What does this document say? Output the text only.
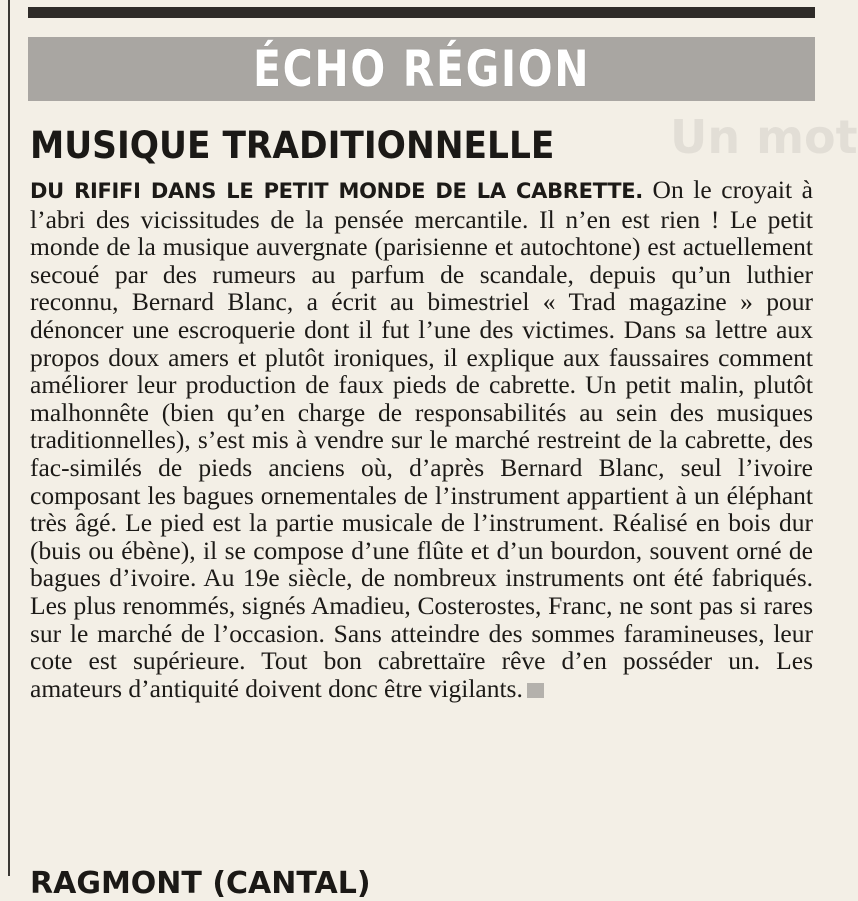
ÉCHO RÉGION
Un mot
MUSIQUE TRADITIONNELLE
DU RIFIFI DANS LE PETIT MONDE DE LA CABRETTE. On le croyait à l’abri des vicissitudes de la pensée mercantile. Il n’en est rien ! Le petit monde de la musique auvergnate (parisienne et autochtone) est actuellement secoué par des rumeurs au parfum de scandale, depuis qu’un luthier reconnu, Bernard Blanc, a écrit au bimestriel « Trad magazine » pour dénoncer une escroquerie dont il fut l’une des victimes. Dans sa lettre aux propos doux amers et plutôt ironiques, il explique aux faussaires comment améliorer leur production de faux pieds de cabrette. Un petit malin, plutôt malhonnête (bien qu’en charge de responsabilités au sein des musiques traditionnelles), s’est mis à vendre sur le marché restreint de la cabrette, des fac-similés de pieds anciens où, d’après Bernard Blanc, seul l’ivoire composant les bagues ornementales de l’instrument appartient à un éléphant très âgé. Le pied est la partie musicale de l’instrument. Réalisé en bois dur (buis ou ébène), il se compose d’une flûte et d’un bourdon, souvent orné de bagues d’ivoire. Au 19e siècle, de nombreux instruments ont été fabriqués. Les plus renommés, signés Amadieu, Costerostes, Franc, ne sont pas si rares sur le marché de l’occasion. Sans atteindre des sommes faramineuses, leur cote est supérieure. Tout bon cabrettaïre rêve d’en posséder un. Les amateurs d’antiquité doivent donc être vigilants.
RAGMONT (CANTAL)
